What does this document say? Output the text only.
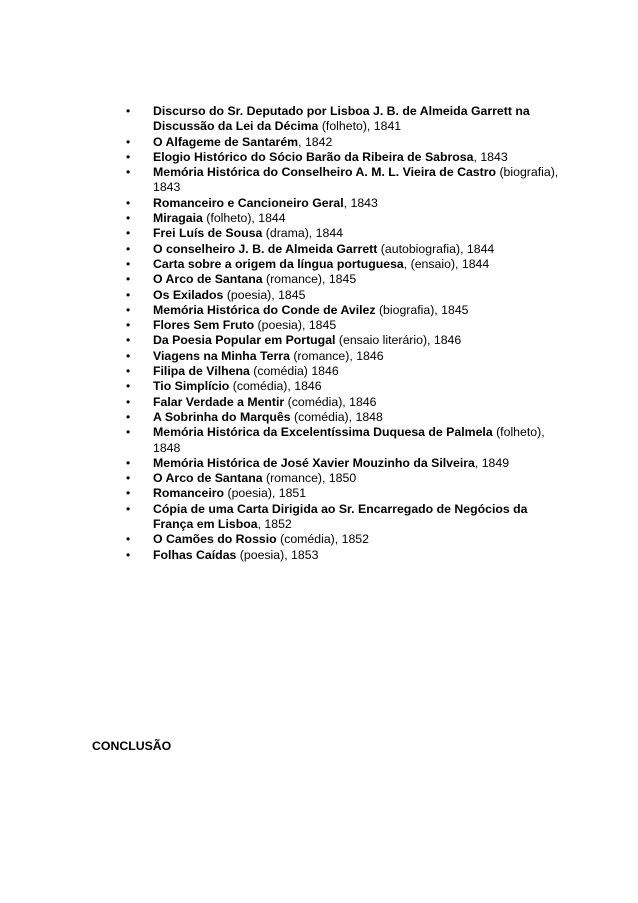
• Discurso do Sr. Deputado por Lisboa J. B. de Almeida Garrett na Discussão da Lei da Décima (folheto), 1841
• O Alfageme de Santarém, 1842
• Elogio Histórico do Sócio Barão da Ribeira de Sabrosa, 1843
• Memória Histórica do Conselheiro A. M. L. Vieira de Castro (biografia), 1843
• Romanceiro e Cancioneiro Geral, 1843
• Miragaia (folheto), 1844
• Frei Luís de Sousa (drama), 1844
• O conselheiro J. B. de Almeida Garrett (autobiografia), 1844
• Carta sobre a origem da língua portuguesa, (ensaio), 1844
• O Arco de Santana (romance), 1845
• Os Exilados (poesia), 1845
• Memória Histórica do Conde de Avilez (biografia), 1845
• Flores Sem Fruto (poesia), 1845
• Da Poesia Popular em Portugal (ensaio literário), 1846
• Viagens na Minha Terra (romance), 1846
• Filipa de Vilhena (comédia) 1846
• Tio Simplício (comédia), 1846
• Falar Verdade a Mentir (comédia), 1846
• A Sobrinha do Marquês (comédia), 1848
• Memória Histórica da Excelentíssima Duquesa de Palmela (folheto), 1848
• Memória Histórica de José Xavier Mouzinho da Silveira, 1849
• O Arco de Santana (romance), 1850
• Romanceiro (poesia), 1851
• Cópia de uma Carta Dirigida ao Sr. Encarregado de Negócios da França em Lisboa, 1852
• O Camões do Rossio (comédia), 1852
• Folhas Caídas (poesia), 1853
CONCLUSÃO
